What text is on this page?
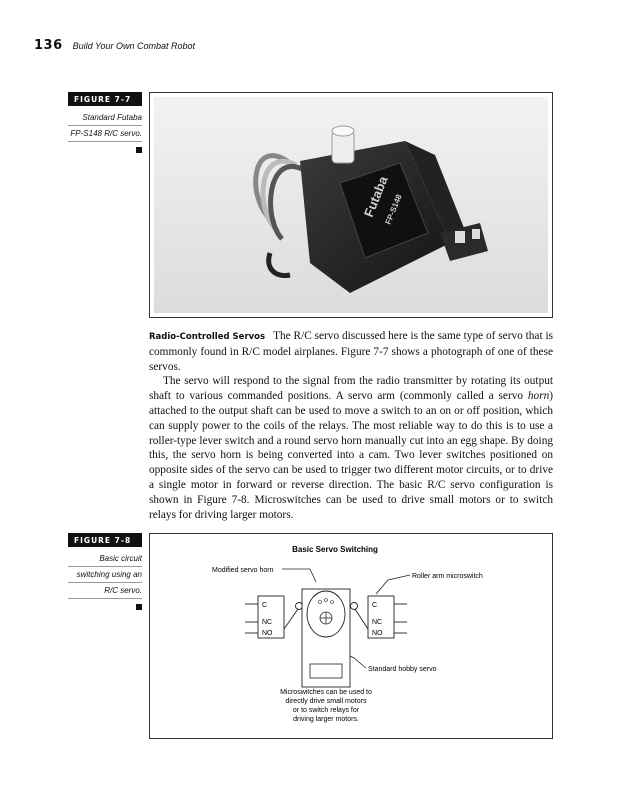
136 Build Your Own Combat Robot
FIGURE 7-7
Standard Futaba
FP-S148 R/C servo.
Futaba
FP-S148

Radio-Controlled Servos The R/C servo discussed here is the same type of servo that is commonly found in R/C model airplanes. Figure 7-7 shows a photograph of one of these servos.

The servo will respond to the signal from the radio transmitter by rotating its output shaft to various commanded positions. A servo arm (commonly called a servo horn) attached to the output shaft can be used to move a switch to an on or off position, which can supply power to the coils of the relays. The most reliable way to do this is to use a roller-type lever switch and a round servo horn manually cut into an egg shape. By doing this, the servo horn is being converted into a cam. Two lever switches positioned on opposite sides of the servo can be used to trigger two different motor circuits, or to drive a single motor in forward or reverse direction. The basic R/C servo configuration is shown in Figure 7-8. Microswitches can be used to drive small motors or to switch relays for driving larger motors.

FIGURE 7-8
Basic circuit
switching using an
R/C servo.
Basic Servo Switching
Modified servo horn
Roller arm microswitch
C
NC
NO
C
NC
NO
Standard hobby servo
Microswitches can be used to
directly drive small motors
or to switch relays for
driving larger motors.
